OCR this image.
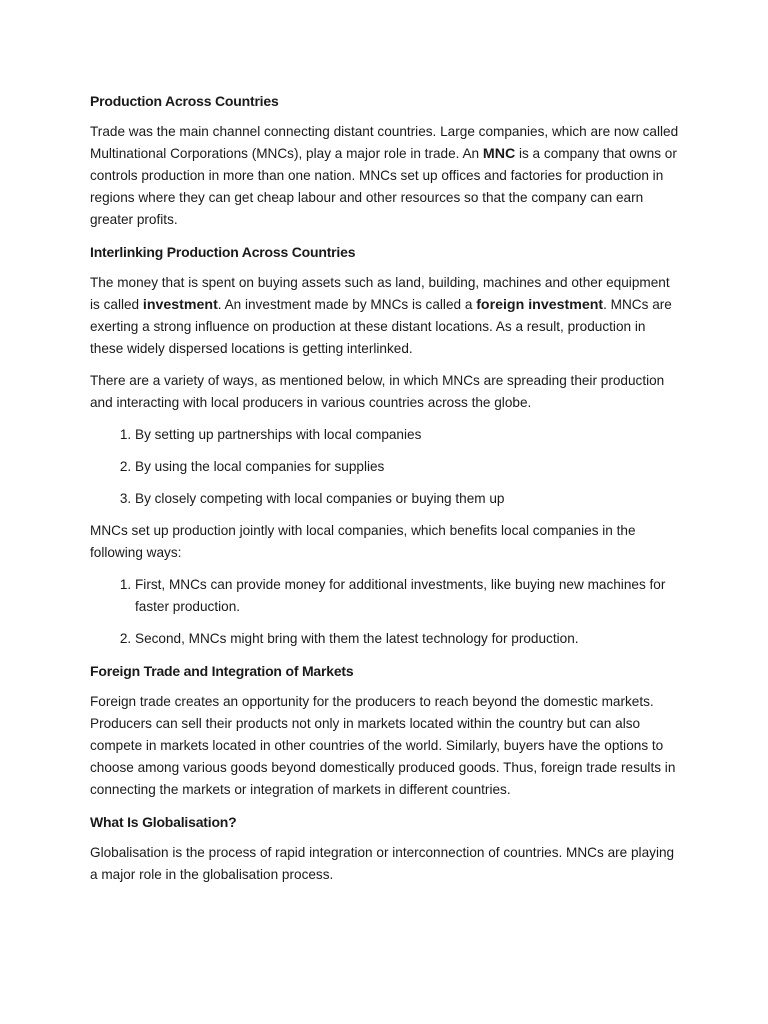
Production Across Countries

Trade was the main channel connecting distant countries. Large companies, which are now called Multinational Corporations (MNCs), play a major role in trade. An MNC is a company that owns or controls production in more than one nation. MNCs set up offices and factories for production in regions where they can get cheap labour and other resources so that the company can earn greater profits.

Interlinking Production Across Countries

The money that is spent on buying assets such as land, building, machines and other equipment is called investment. An investment made by MNCs is called a foreign investment. MNCs are exerting a strong influence on production at these distant locations. As a result, production in these widely dispersed locations is getting interlinked.

There are a variety of ways, as mentioned below, in which MNCs are spreading their production and interacting with local producers in various countries across the globe.

1. By setting up partnerships with local companies
2. By using the local companies for supplies
3. By closely competing with local companies or buying them up

MNCs set up production jointly with local companies, which benefits local companies in the following ways:

1. First, MNCs can provide money for additional investments, like buying new machines for faster production.
2. Second, MNCs might bring with them the latest technology for production.
Foreign Trade and Integration of Markets

Foreign trade creates an opportunity for the producers to reach beyond the domestic markets. Producers can sell their products not only in markets located within the country but can also compete in markets located in other countries of the world. Similarly, buyers have the options to choose among various goods beyond domestically produced goods. Thus, foreign trade results in connecting the markets or integration of markets in different countries.

What Is Globalisation?

Globalisation is the process of rapid integration or interconnection of countries. MNCs are playing a major role in the globalisation process.
